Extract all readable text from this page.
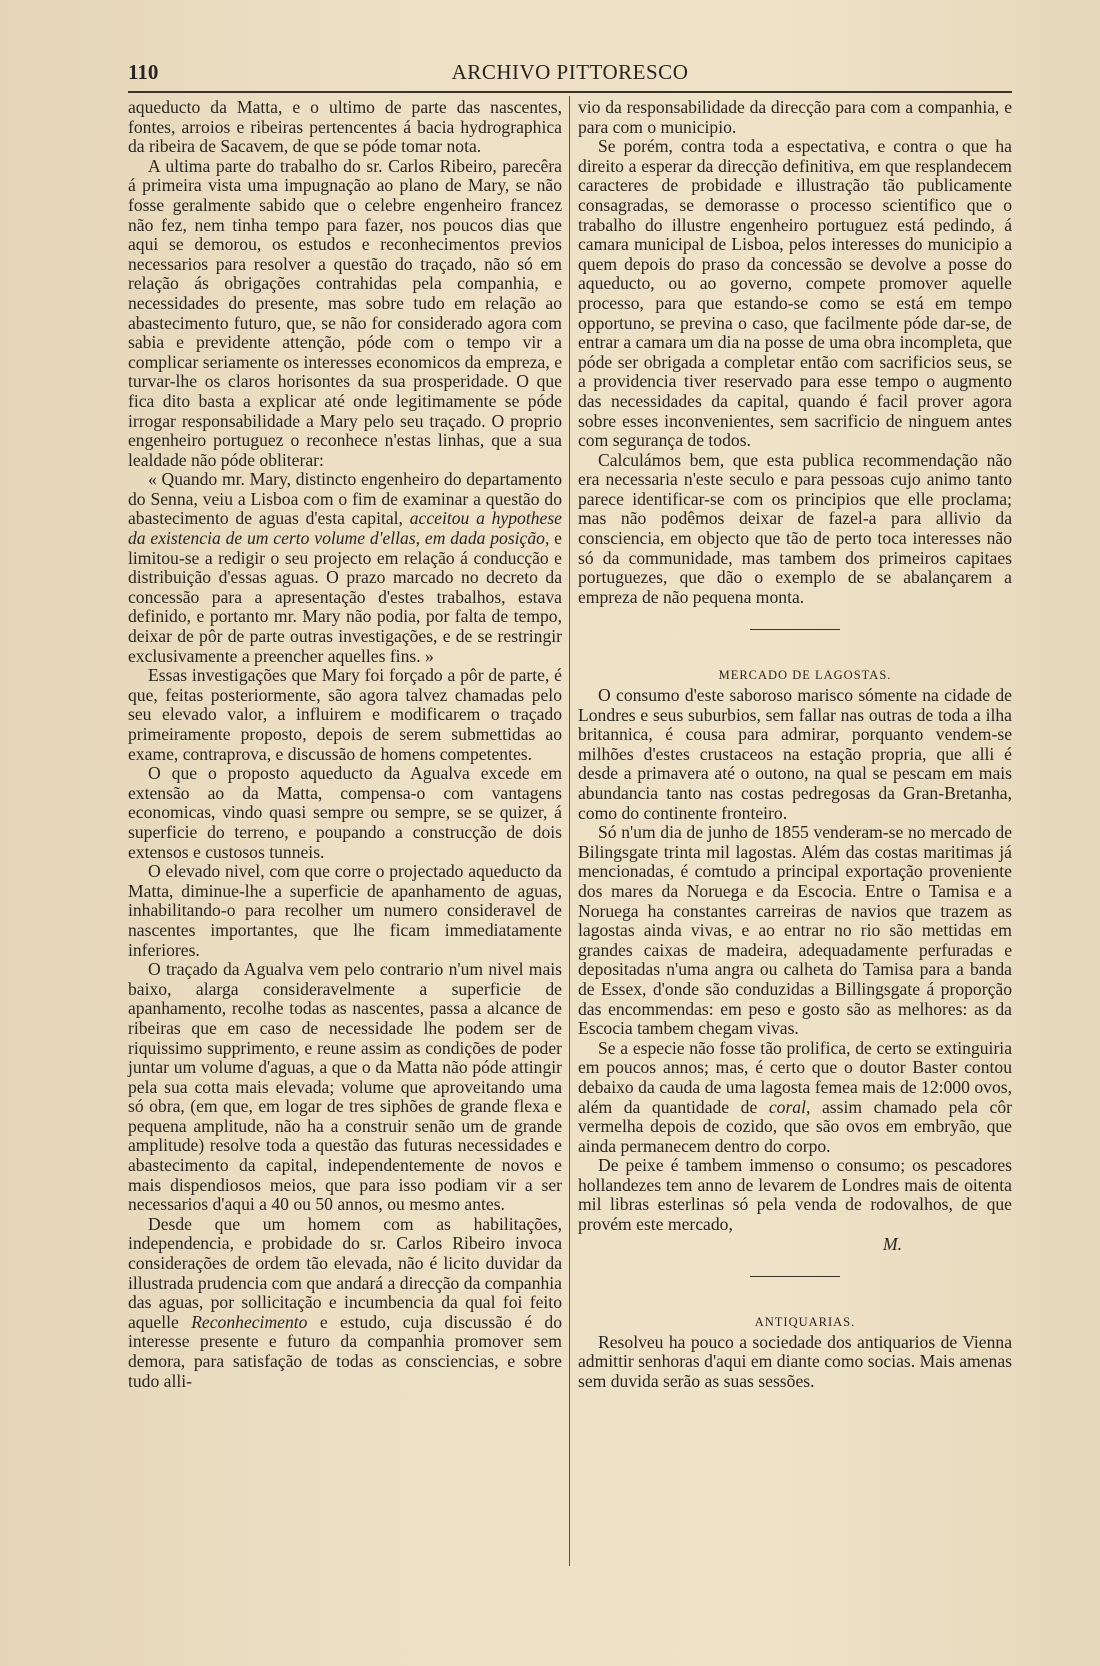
110	ARCHIVO PITTORESCO

aqueducto da Matta, e o ultimo de parte das nascentes, fontes, arroios e ribeiras pertencentes á bacia hydrographica da ribeira de Sacavem, de que se póde tomar nota.

A ultima parte do trabalho do sr. Carlos Ribeiro, parecêra á primeira vista uma impugnação ao plano de Mary, se não fosse geralmente sabido que o celebre engenheiro francez não fez, nem tinha tempo para fazer, nos poucos dias que aqui se demorou, os estudos e reconhecimentos previos necessarios para resolver a questão do traçado, não só em relação ás obrigações contrahidas pela companhia, e necessidades do presente, mas sobre tudo em relação ao abastecimento futuro, que, se não for considerado agora com sabia e previdente attenção, póde com o tempo vir a complicar seriamente os interesses economicos da empreza, e turvar-lhe os claros horisontes da sua prosperidade. O que fica dito basta a explicar até onde legitimamente se póde irrogar responsabilidade a Mary pelo seu traçado. O proprio engenheiro portuguez o reconhece n'estas linhas, que a sua lealdade não póde obliterar:

« Quando mr. Mary, distincto engenheiro do departamento do Senna, veiu a Lisboa com o fim de examinar a questão do abastecimento de aguas d'esta capital, acceitou a hypothese da existencia de um certo volume d'ellas, em dada posição, e limitou-se a redigir o seu projecto em relação á conducção e distribuição d'essas aguas. O prazo marcado no decreto da concessão para a apresentação d'estes trabalhos, estava definido, e portanto mr. Mary não podia, por falta de tempo, deixar de pôr de parte outras investigações, e de se restringir exclusivamente a preencher aquelles fins. »

Essas investigações que Mary foi forçado a pôr de parte, é que, feitas posteriormente, são agora talvez chamadas pelo seu elevado valor, a influirem e modificarem o traçado primeiramente proposto, depois de serem submettidas ao exame, contraprova, e discussão de homens competentes.

O que o proposto aqueducto da Agualva excede em extensão ao da Matta, compensa-o com vantagens economicas, vindo quasi sempre ou sempre, se se quizer, á superficie do terreno, e poupando a construcção de dois extensos e custosos tunneis.

O elevado nivel, com que corre o projectado aqueducto da Matta, diminue-lhe a superficie de apanhamento de aguas, inhabilitando-o para recolher um numero consideravel de nascentes importantes, que lhe ficam immediatamente inferiores.

O traçado da Agualva vem pelo contrario n'um nivel mais baixo, alarga consideravelmente a superficie de apanhamento, recolhe todas as nascentes, passa a alcance de ribeiras que em caso de necessidade lhe podem ser de riquissimo supprimento, e reune assim as condições de poder juntar um volume d'aguas, a que o da Matta não póde attingir pela sua cotta mais elevada; volume que aproveitando uma só obra, (em que, em logar de tres siphões de grande flexa e pequena amplitude, não ha a construir senão um de grande amplitude) resolve toda a questão das futuras necessidades e abastecimento da capital, independentemente de novos e mais dispendiosos meios, que para isso podiam vir a ser necessarios d'aqui a 40 ou 50 annos, ou mesmo antes.

Desde que um homem com as habilitações, independencia, e probidade do sr. Carlos Ribeiro invoca considerações de ordem tão elevada, não é licito duvidar da illustrada prudencia com que andará a direcção da companhia das aguas, por sollicitação e incumbencia da qual foi feito aquelle Reconhecimento e estudo, cuja discussão é do interesse presente e futuro da companhia promover sem demora, para satisfação de todas as consciencias, e sobre tudo alli-

vio da responsabilidade da direcção para com a companhia, e para com o municipio.

Se porém, contra toda a espectativa, e contra o que ha direito a esperar da direcção definitiva, em que resplandecem caracteres de probidade e illustração tão publicamente consagradas, se demorasse o processo scientifico que o trabalho do illustre engenheiro portuguez está pedindo, á camara municipal de Lisboa, pelos interesses do municipio a quem depois do praso da concessão se devolve a posse do aqueducto, ou ao governo, compete promover aquelle processo, para que estando-se como se está em tempo opportuno, se previna o caso, que facilmente póde dar-se, de entrar a camara um dia na posse de uma obra incompleta, que póde ser obrigada a completar então com sacrificios seus, se a providencia tiver reservado para esse tempo o augmento das necessidades da capital, quando é facil prover agora sobre esses inconvenientes, sem sacrificio de ninguem antes com segurança de todos.

Calculámos bem, que esta publica recommendação não era necessaria n'este seculo e para pessoas cujo animo tanto parece identificar-se com os principios que elle proclama; mas não podêmos deixar de fazel-a para allivio da consciencia, em objecto que tão de perto toca interesses não só da communidade, mas tambem dos primeiros capitaes portuguezes, que dão o exemplo de se abalançarem a empreza de não pequena monta.

MERCADO DE LAGOSTAS.

O consumo d'este saboroso marisco sómente na cidade de Londres e seus suburbios, sem fallar nas outras de toda a ilha britannica, é cousa para admirar, porquanto vendem-se milhões d'estes crustaceos na estação propria, que alli é desde a primavera até o outono, na qual se pescam em mais abundancia tanto nas costas pedregosas da Gran-Bretanha, como do continente fronteiro.

Só n'um dia de junho de 1855 venderam-se no mercado de Bilingsgate trinta mil lagostas. Além das costas maritimas já mencionadas, é comtudo a principal exportação proveniente dos mares da Noruega e da Escocia. Entre o Tamisa e a Noruega ha constantes carreiras de navios que trazem as lagostas ainda vivas, e ao entrar no rio são mettidas em grandes caixas de madeira, adequadamente perfuradas e depositadas n'uma angra ou calheta do Tamisa para a banda de Essex, d'onde são conduzidas a Billingsgate á proporção das encommendas: em peso e gosto são as melhores: as da Escocia tambem chegam vivas.

Se a especie não fosse tão prolifica, de certo se extinguiria em poucos annos; mas, é certo que o doutor Baster contou debaixo da cauda de uma lagosta femea mais de 12:000 ovos, além da quantidade de coral, assim chamado pela côr vermelha depois de cozido, que são ovos em embryão, que ainda permanecem dentro do corpo.

De peixe é tambem immenso o consumo; os pescadores hollandezes tem anno de levarem de Londres mais de oitenta mil libras esterlinas só pela venda de rodovalhos, de que provém este mercado,

M.

ANTIQUARIAS.

Resolveu ha pouco a sociedade dos antiquarios de Vienna admittir senhoras d'aqui em diante como socias. Mais amenas sem duvida serão as suas sessões.
